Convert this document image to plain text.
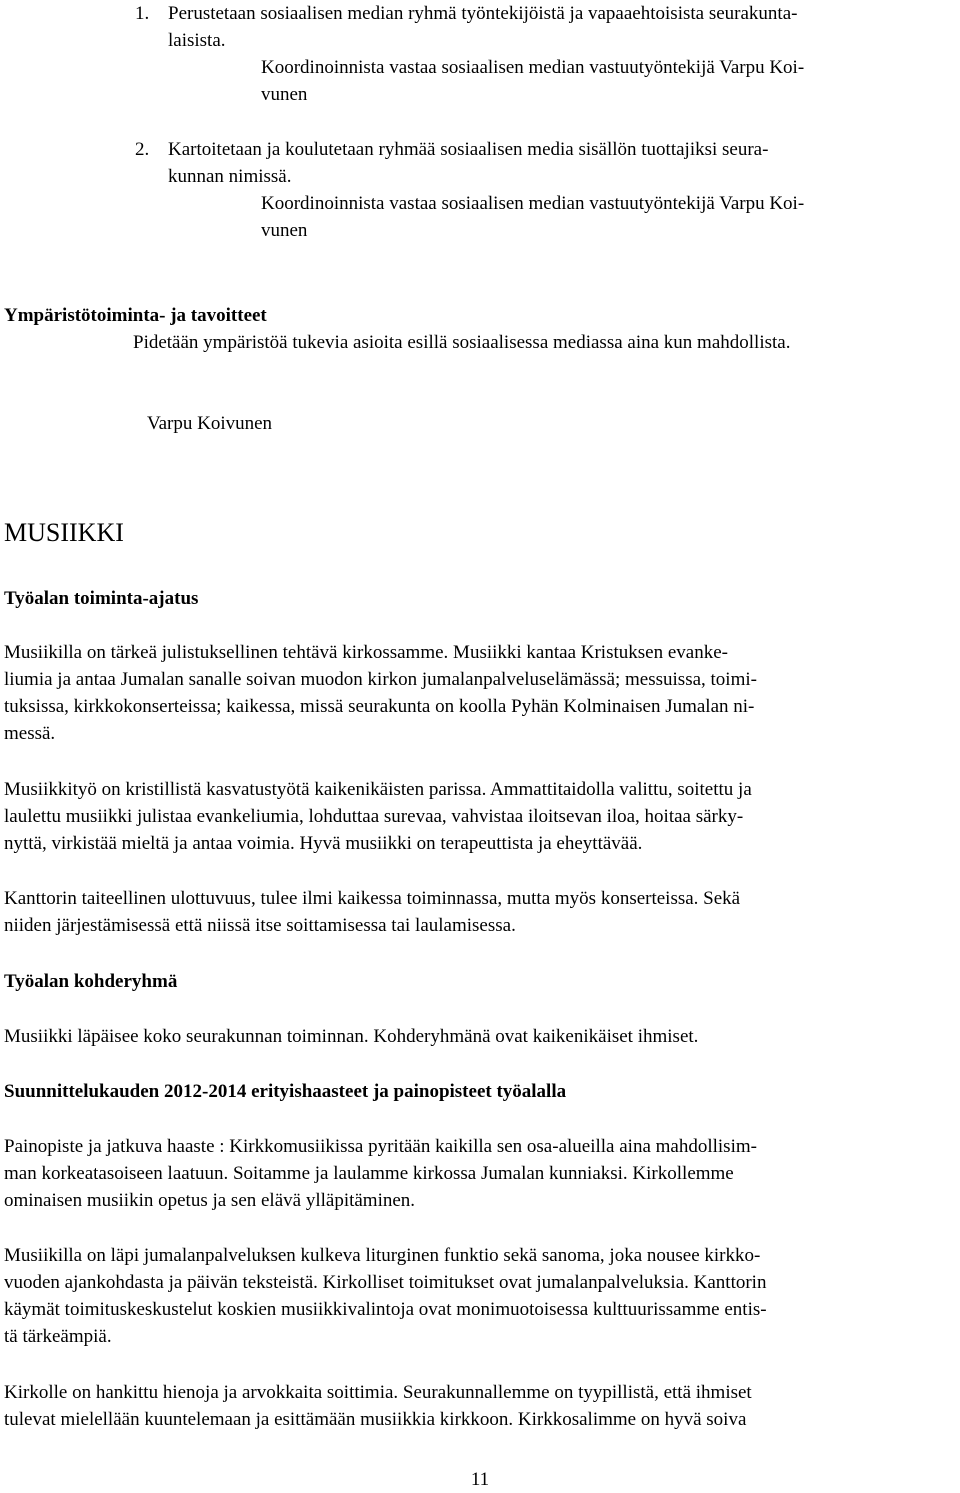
1. Perustetaan sosiaalisen median ryhmä työntekijöistä ja vapaaehtoisista seurakunta-
laisista.
Koordinoinnista vastaa sosiaalisen median vastuutyöntekijä Varpu Koi-
vunen
2. Kartoitetaan ja koulutetaan ryhmää sosiaalisen media sisällön tuottajiksi seura-
kunnan nimissä.
Koordinoinnista vastaa sosiaalisen median vastuutyöntekijä Varpu Koi-
vunen
Ympäristötoiminta- ja tavoitteet
Pidetään ympäristöä tukevia asioita esillä sosiaalisessa mediassa aina kun mahdollista.
Varpu Koivunen
MUSIIKKI
Työalan toiminta-ajatus
Musiikilla on tärkeä julistuksellinen tehtävä kirkossamme. Musiikki kantaa Kristuksen evanke-
liumia ja antaa Jumalan sanalle soivan muodon kirkon jumalanpalveluselämässä; messuissa, toimi-
tuksissa, kirkkokonserteissa; kaikessa, missä seurakunta on koolla Pyhän Kolminaisen Jumalan ni-
messä.
Musiikkityö on kristillistä kasvatustyötä kaikenikäisten parissa. Ammattitaidolla valittu, soitettu ja
laulettu musiikki julistaa evankeliumia, lohduttaa surevaa, vahvistaa iloitsevan iloa, hoitaa särky-
nyttä, virkistää mieltä ja antaa voimia. Hyvä musiikki on terapeuttista ja eheyttävää.
Kanttorin taiteellinen ulottuvuus, tulee ilmi kaikessa toiminnassa, mutta myös konserteissa. Sekä
niiden järjestämisessä että niissä itse soittamisessa tai laulamisessa.
Työalan kohderyhmä
Musiikki läpäisee koko seurakunnan toiminnan. Kohderyhmänä ovat kaikenikäiset ihmiset.
Suunnittelukauden 2012-2014 erityishaasteet ja painopisteet työalalla
Painopiste ja jatkuva haaste : Kirkkomusiikissa pyritään kaikilla sen osa-alueilla aina mahdollisim-
man korkeatasoiseen laatuun. Soitamme ja laulamme kirkossa Jumalan kunniaksi. Kirkollemme
ominaisen musiikin opetus ja sen elävä ylläpitäminen.
Musiikilla on läpi jumalanpalveluksen kulkeva liturginen funktio sekä sanoma, joka nousee kirkko-
vuoden ajankohdasta ja päivän teksteistä. Kirkolliset toimitukset ovat jumalanpalveluksia. Kanttorin
käymät toimituskeskustelut koskien musiikkivalintoja ovat monimuotoisessa kulttuurissamme entis-
tä tärkeämpiä.
Kirkolle on hankittu hienoja ja arvokkaita soittimia. Seurakunnallemme on tyypillistä, että ihmiset
tulevat mielellään kuuntelemaan ja esittämään musiikkia kirkkoon. Kirkkosalimme on hyvä soiva
11
